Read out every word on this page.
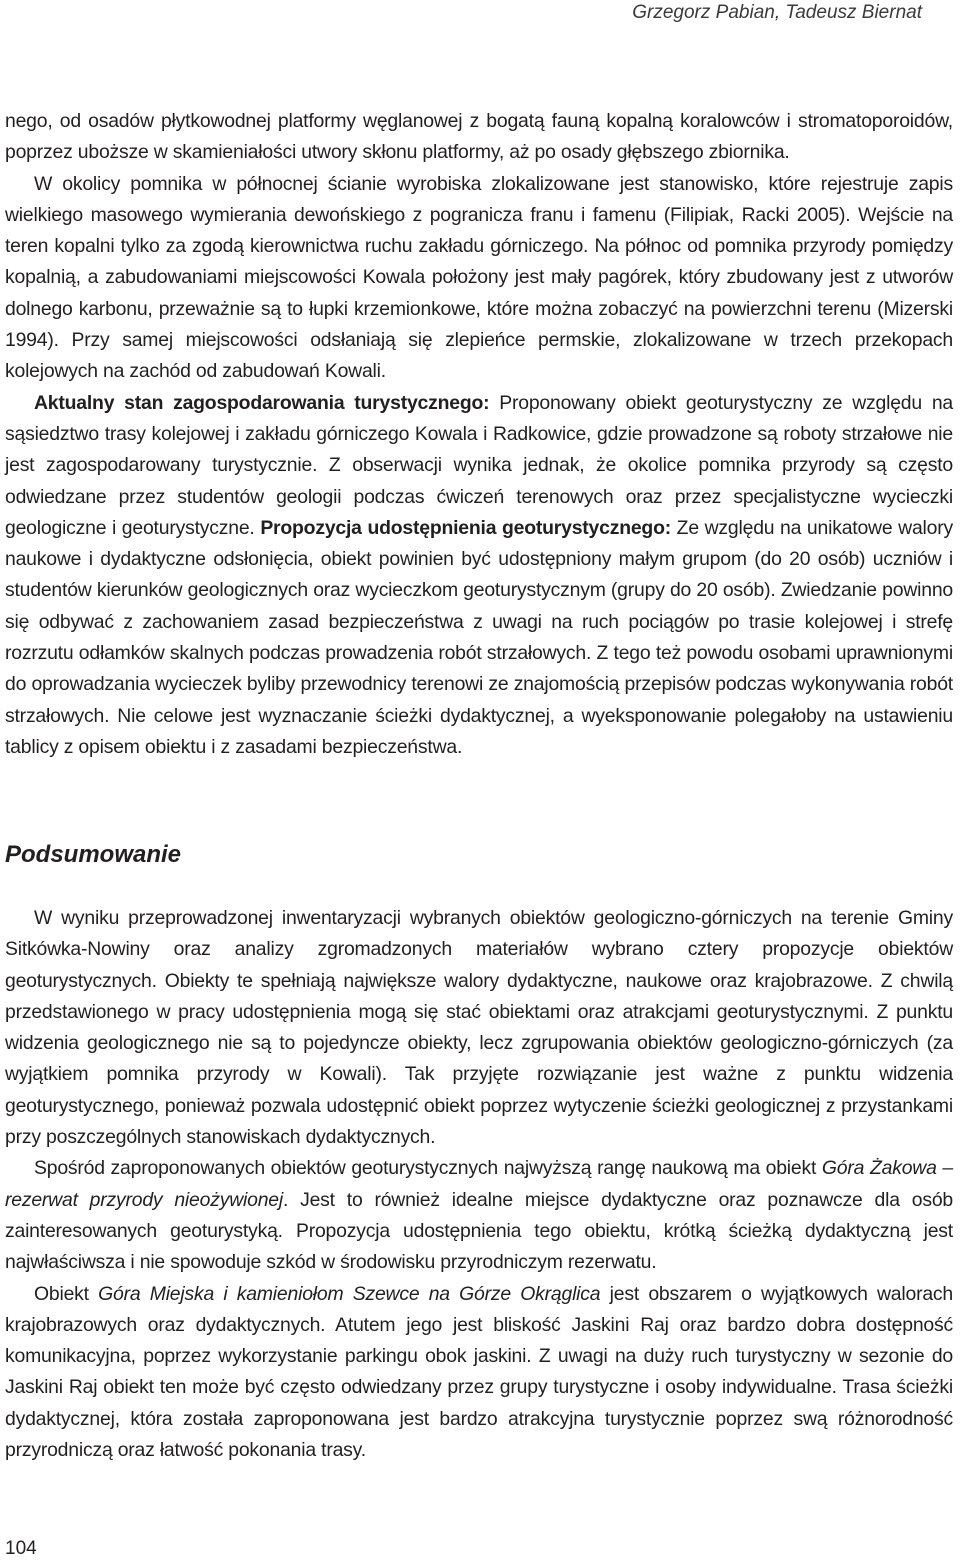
Grzegorz Pabian, Tadeusz Biernat

nego, od osadów płytkowodnej platformy węglanowej z bogatą fauną kopalną koralowców i stromatoporoidów, poprzez uboższe w skamieniałości utwory skłonu platformy, aż po osady głębszego zbiornika.

W okolicy pomnika w północnej ścianie wyrobiska zlokalizowane jest stanowisko, które rejestruje zapis wielkiego masowego wymierania dewońskiego z pogranicza franu i famenu (Filipiak, Racki 2005). Wejście na teren kopalni tylko za zgodą kierownictwa ruchu zakładu górniczego. Na północ od pomnika przyrody pomiędzy kopalnią, a zabudowaniami miejscowości Kowala położony jest mały pagórek, który zbudowany jest z utworów dolnego karbonu, przeważnie są to łupki krzemionkowe, które można zobaczyć na powierzchni terenu (Mizerski 1994). Przy samej miejscowości odsłaniają się zlepieńce permskie, zlokalizowane w trzech przekopach kolejowych na zachód od zabudowań Kowali.

Aktualny stan zagospodarowania turystycznego: Proponowany obiekt geoturystyczny ze względu na sąsiedztwo trasy kolejowej i zakładu górniczego Kowala i Radkowice, gdzie prowadzone są roboty strzałowe nie jest zagospodarowany turystycznie. Z obserwacji wynika jednak, że okolice pomnika przyrody są często odwiedzane przez studentów geologii podczas ćwiczeń terenowych oraz przez specjalistyczne wycieczki geologiczne i geoturystyczne. Propozycja udostępnienia geoturystycznego: Ze względu na unikatowe walory naukowe i dydaktyczne odsłonięcia, obiekt powinien być udostępniony małym grupom (do 20 osób) uczniów i studentów kierunków geologicznych oraz wycieczkom geoturystycznym (grupy do 20 osób). Zwiedzanie powinno się odbywać z zachowaniem zasad bezpieczeństwa z uwagi na ruch pociągów po trasie kolejowej i strefę rozrzutu odłamków skalnych podczas prowadzenia robót strzałowych. Z tego też powodu osobami uprawnionymi do oprowadzania wycieczek byliby przewodnicy terenowi ze znajomością przepisów podczas wykonywania robót strzałowych. Nie celowe jest wyznaczanie ścieżki dydaktycznej, a wyeksponowanie polegałoby na ustawieniu tablicy z opisem obiektu i z zasadami bezpieczeństwa.

Podsumowanie

W wyniku przeprowadzonej inwentaryzacji wybranych obiektów geologiczno-górniczych na terenie Gminy Sitkówka-Nowiny oraz analizy zgromadzonych materiałów wybrano cztery propozycje obiektów geoturystycznych. Obiekty te spełniają największe walory dydaktyczne, naukowe oraz krajobrazowe. Z chwilą przedstawionego w pracy udostępnienia mogą się stać obiektami oraz atrakcjami geoturystycznymi. Z punktu widzenia geologicznego nie są to pojedyncze obiekty, lecz zgrupowania obiektów geologiczno-górniczych (za wyjątkiem pomnika przyrody w Kowali). Tak przyjęte rozwiązanie jest ważne z punktu widzenia geoturystycznego, ponieważ pozwala udostępnić obiekt poprzez wytyczenie ścieżki geologicznej z przystankami przy poszczególnych stanowiskach dydaktycznych.

Spośród zaproponowanych obiektów geoturystycznych najwyższą rangę naukową ma obiekt Góra Żakowa – rezerwat przyrody nieożywionej. Jest to również idealne miejsce dydaktyczne oraz poznawcze dla osób zainteresowanych geoturystyką. Propozycja udostępnienia tego obiektu, krótką ścieżką dydaktyczną jest najwłaściwsza i nie spowoduje szkód w środowisku przyrodniczym rezerwatu.

Obiekt Góra Miejska i kamieniołom Szewce na Górze Okrąglica jest obszarem o wyjątkowych walorach krajobrazowych oraz dydaktycznych. Atutem jego jest bliskość Jaskini Raj oraz bardzo dobra dostępność komunikacyjna, poprzez wykorzystanie parkingu obok jaskini. Z uwagi na duży ruch turystyczny w sezonie do Jaskini Raj obiekt ten może być często odwiedzany przez grupy turystyczne i osoby indywidualne. Trasa ścieżki dydaktycznej, która została zaproponowana jest bardzo atrakcyjna turystycznie poprzez swą różnorodność przyrodniczą oraz łatwość pokonania trasy.

104
